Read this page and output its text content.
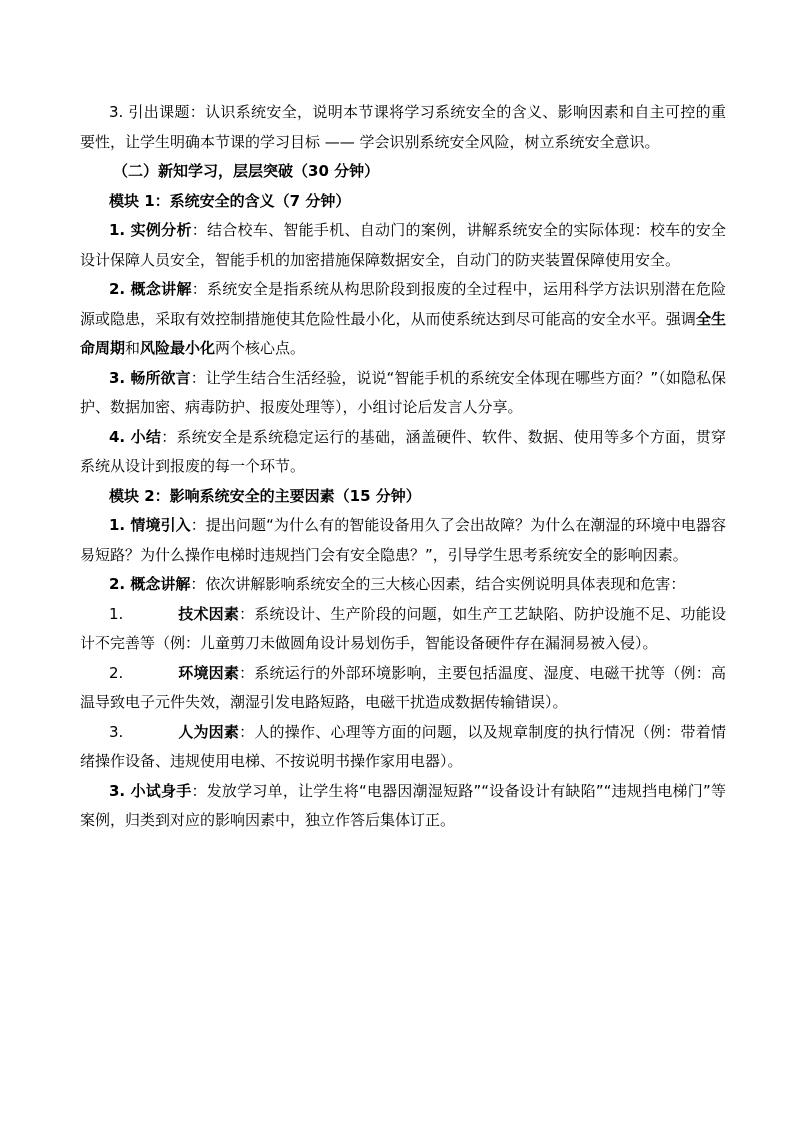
3. 引出课题：认识系统安全，说明本节课将学习系统安全的含义、影响因素和自主可控的重要性，让学生明确本节课的学习目标 —— 学会识别系统安全风险，树立系统安全意识。

（二）新知学习，层层突破（30 分钟）

模块 1：系统安全的含义（7 分钟）

1. 实例分析：结合校车、智能手机、自动门的案例，讲解系统安全的实际体现：校车的安全设计保障人员安全，智能手机的加密措施保障数据安全，自动门的防夹装置保障使用安全。

2. 概念讲解：系统安全是指系统从构思阶段到报废的全过程中，运用科学方法识别潜在危险源或隐患，采取有效控制措施使其危险性最小化，从而使系统达到尽可能高的安全水平。强调全生命周期和风险最小化两个核心点。

3. 畅所欲言：让学生结合生活经验，说说“智能手机的系统安全体现在哪些方面？”（如隐私保护、数据加密、病毒防护、报废处理等），小组讨论后发言人分享。

4. 小结：系统安全是系统稳定运行的基础，涵盖硬件、软件、数据、使用等多个方面，贯穿系统从设计到报废的每一个环节。

模块 2：影响系统安全的主要因素（15 分钟）

1. 情境引入：提出问题“为什么有的智能设备用久了会出故障？为什么在潮湿的环境中电器容易短路？为什么操作电梯时违规挡门会有安全隐患？”，引导学生思考系统安全的影响因素。

2. 概念讲解：依次讲解影响系统安全的三大核心因素，结合实例说明具体表现和危害：

1.	技术因素：系统设计、生产阶段的问题，如生产工艺缺陷、防护设施不足、功能设计不完善等（例：儿童剪刀未做圆角设计易划伤手，智能设备硬件存在漏洞易被入侵）。

2.	环境因素：系统运行的外部环境影响，主要包括温度、湿度、电磁干扰等（例：高温导致电子元件失效，潮湿引发电路短路，电磁干扰造成数据传输错误）。

3.	人为因素：人的操作、心理等方面的问题，以及规章制度的执行情况（例：带着情绪操作设备、违规使用电梯、不按说明书操作家用电器）。

3. 小试身手：发放学习单，让学生将“电器因潮湿短路”“设备设计有缺陷”“违规挡电梯门”等案例，归类到对应的影响因素中，独立作答后集体订正。
